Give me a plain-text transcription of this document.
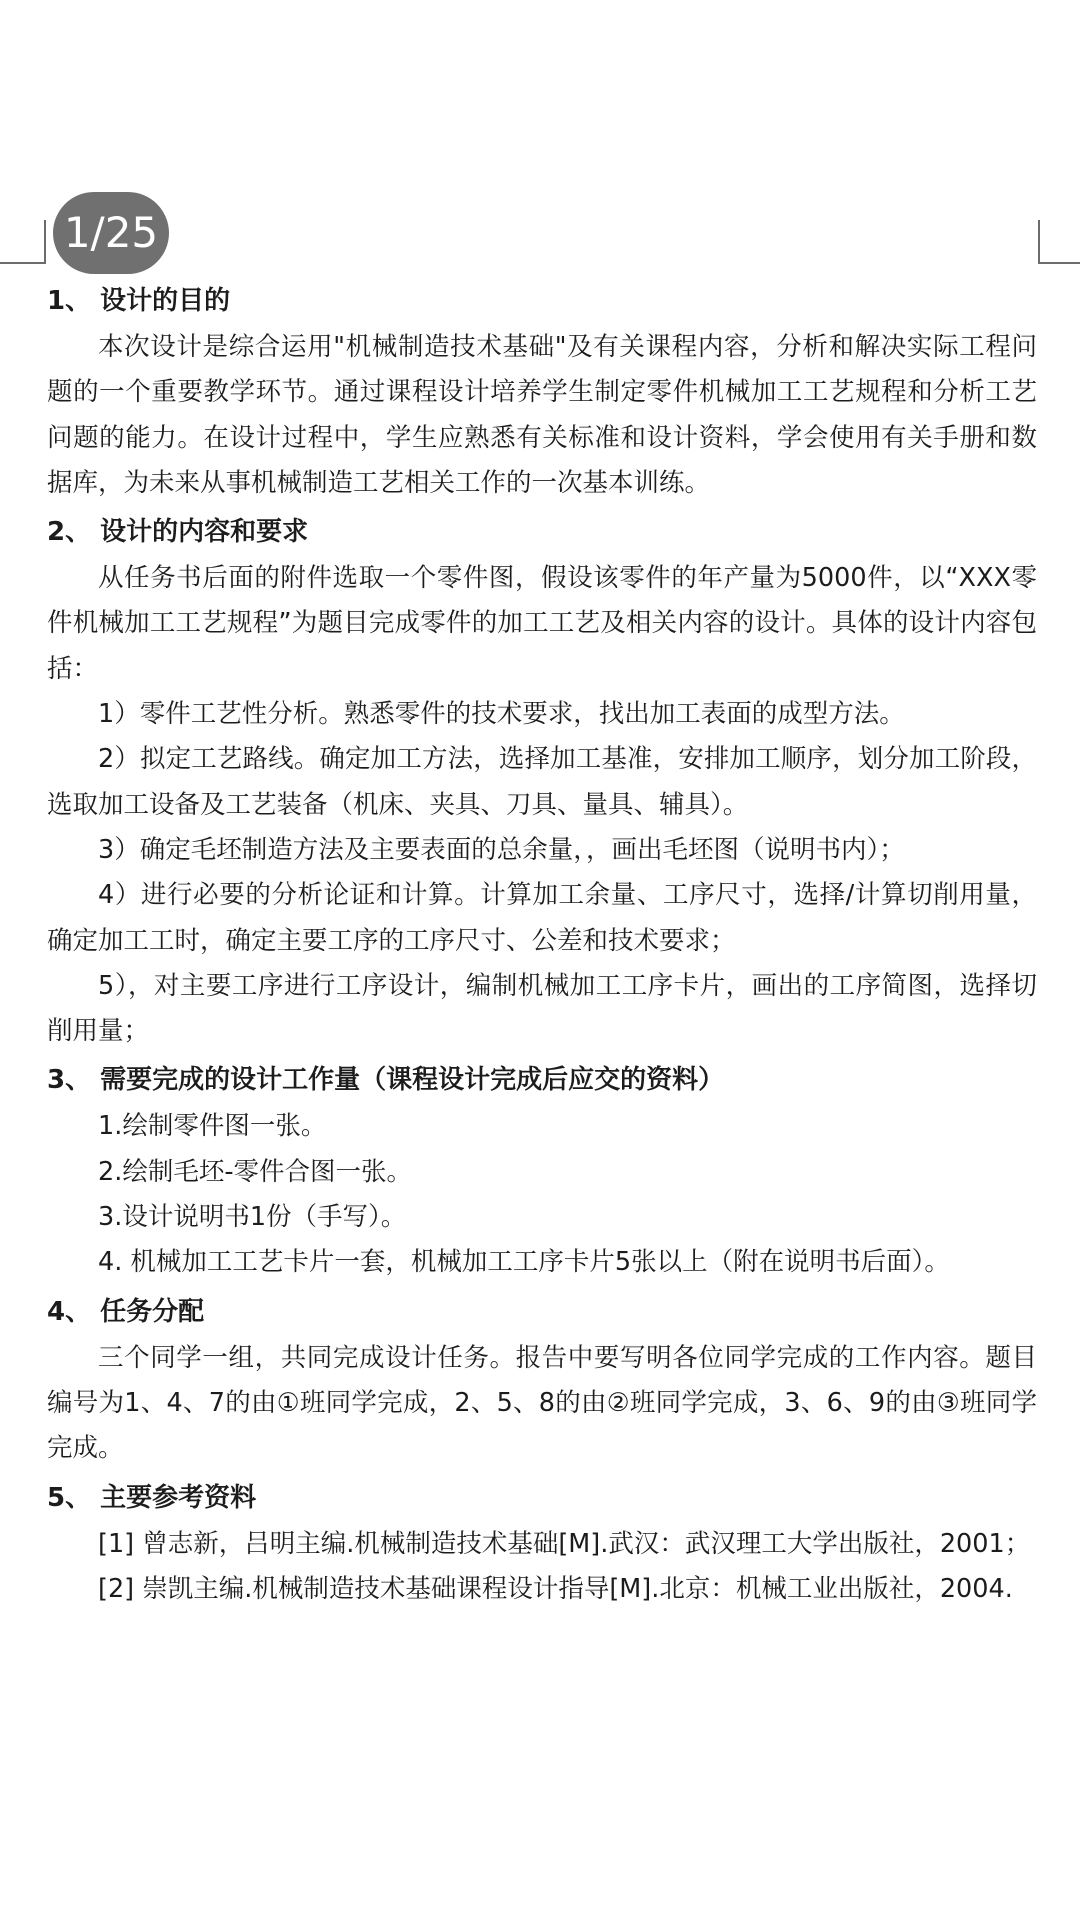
1/25
1、 设计的目的

本次设计是综合运用"机械制造技术基础"及有关课程内容，分析和解决实际工程问题的一个重要教学环节。通过课程设计培养学生制定零件机械加工工艺规程和分析工艺问题的能力。在设计过程中，学生应熟悉有关标准和设计资料，学会使用有关手册和数据库，为未来从事机械制造工艺相关工作的一次基本训练。

2、 设计的内容和要求

从任务书后面的附件选取一个零件图，假设该零件的年产量为5000件，以“XXX零件机械加工工艺规程”为题目完成零件的加工工艺及相关内容的设计。具体的设计内容包括：

1）零件工艺性分析。熟悉零件的技术要求，找出加工表面的成型方法。

2）拟定工艺路线。确定加工方法，选择加工基准，安排加工顺序，划分加工阶段，选取加工设备及工艺装备（机床、夹具、刀具、量具、辅具）。

3）确定毛坯制造方法及主要表面的总余量，，画出毛坯图（说明书内）；

4）进行必要的分析论证和计算。计算加工余量、工序尺寸，选择/计算切削用量，确定加工工时，确定主要工序的工序尺寸、公差和技术要求；

5），对主要工序进行工序设计，编制机械加工工序卡片，画出的工序简图，选择切削用量；

3、 需要完成的设计工作量（课程设计完成后应交的资料）

1.绘制零件图一张。

2.绘制毛坯-零件合图一张。

3.设计说明书1份（手写）。

4. 机械加工工艺卡片一套，机械加工工序卡片5张以上（附在说明书后面）。

4、 任务分配

三个同学一组，共同完成设计任务。报告中要写明各位同学完成的工作内容。题目编号为1、4、7的由①班同学完成，2、5、8的由②班同学完成，3、6、9的由③班同学完成。

5、 主要参考资料

[1] 曾志新，吕明主编.机械制造技术基础[M].武汉：武汉理工大学出版社，2001；

[2] 崇凯主编.机械制造技术基础课程设计指导[M].北京：机械工业出版社，2004.
